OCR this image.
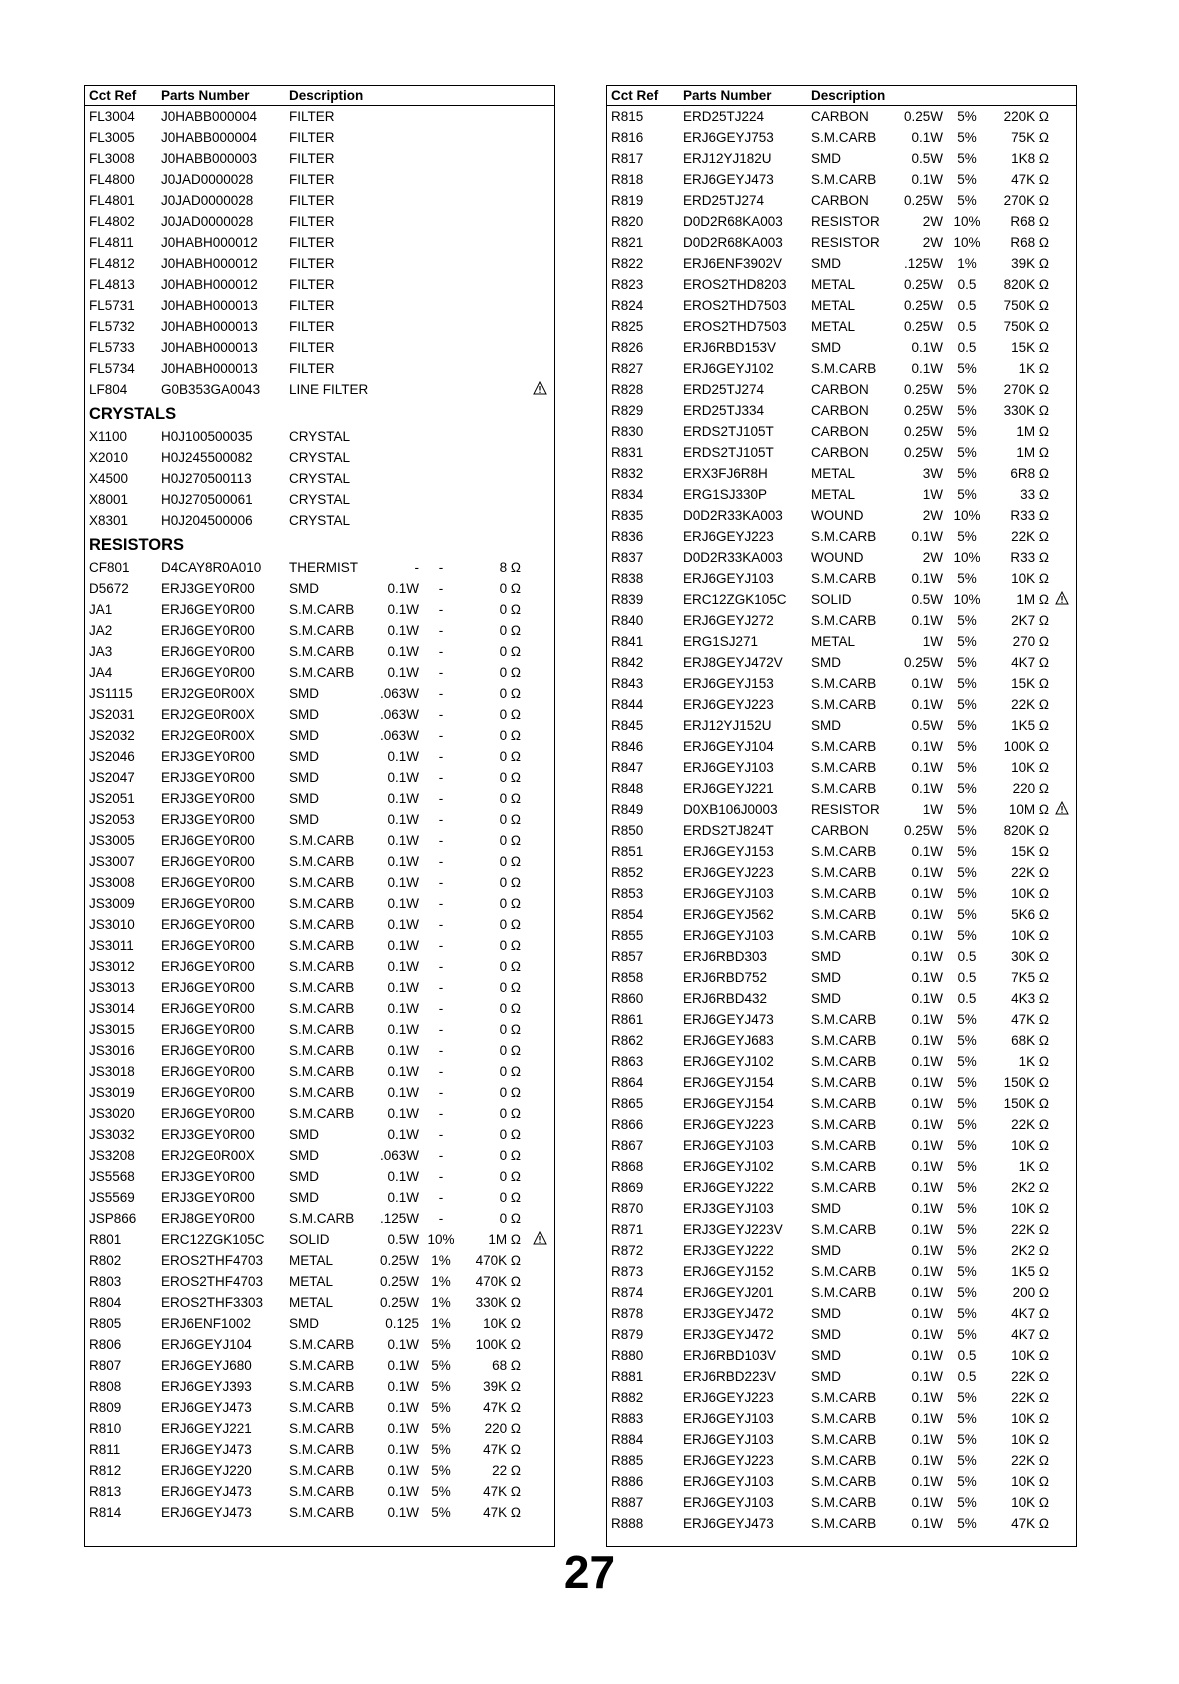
Cct Ref Parts Number	Description
FL3004 J0HABB000004 FILTER
FL3005 J0HABB000004 FILTER
FL3008 J0HABB000003 FILTER
FL4800 J0JAD0000028	FILTER
FL4801 J0JAD0000028	FILTER
FL4802 J0JAD0000028	FILTER
FL4811 J0HABH000012 FILTER
FL4812 J0HABH000012 FILTER
FL4813 J0HABH000012 FILTER
FL5731 J0HABH000013 FILTER
FL5732 J0HABH000013 FILTER
FL5733 J0HABH000013 FILTER
FL5734 J0HABH000013 FILTER
LF804 G0B353GA0043 LINE FILTER
CRYSTALS
X1100	H0J100500035	CRYSTAL
X2010 H0J245500082	CRYSTAL
X4500 H0J270500113	CRYSTAL
X8001 H0J270500061	CRYSTAL
X8301 H0J204500006	CRYSTAL
RESISTORS
CF801 D4CAY8R0A010 THERMIST	-	-	8 Ω
D5672 ERJ3GEY0R00	SMD	0.1W	-	0 Ω
JA1	ERJ6GEY0R00	S.M.CARB	0.1W	-	0 Ω
JA2	ERJ6GEY0R00	S.M.CARB	0.1W	-	0 Ω
JA3	ERJ6GEY0R00	S.M.CARB	0.1W	-	0 Ω
JA4	ERJ6GEY0R00	S.M.CARB	0.1W	-	0 Ω
JS1115 ERJ2GE0R00X	SMD	.063W	-	0 Ω
JS2031 ERJ2GE0R00X	SMD	.063W	-	0 Ω
JS2032 ERJ2GE0R00X	SMD	.063W	-	0 Ω
JS2046 ERJ3GEY0R00	SMD	0.1W	-	0 Ω
JS2047 ERJ3GEY0R00	SMD	0.1W	-	0 Ω
JS2051 ERJ3GEY0R00	SMD	0.1W	-	0 Ω
JS2053 ERJ3GEY0R00	SMD	0.1W	-	0 Ω
JS3005 ERJ6GEY0R00	S.M.CARB	0.1W	-	0 Ω
JS3007 ERJ6GEY0R00	S.M.CARB	0.1W	-	0 Ω
JS3008 ERJ6GEY0R00	S.M.CARB	0.1W	-	0 Ω
JS3009 ERJ6GEY0R00	S.M.CARB	0.1W	-	0 Ω
JS3010 ERJ6GEY0R00	S.M.CARB	0.1W	-	0 Ω
JS3011 ERJ6GEY0R00	S.M.CARB	0.1W	-	0 Ω
JS3012 ERJ6GEY0R00	S.M.CARB	0.1W	-	0 Ω
JS3013 ERJ6GEY0R00	S.M.CARB	0.1W	-	0 Ω
JS3014 ERJ6GEY0R00	S.M.CARB	0.1W	-	0 Ω
JS3015 ERJ6GEY0R00	S.M.CARB	0.1W	-	0 Ω
JS3016 ERJ6GEY0R00	S.M.CARB	0.1W	-	0 Ω
JS3018 ERJ6GEY0R00	S.M.CARB	0.1W	-	0 Ω
JS3019 ERJ6GEY0R00	S.M.CARB	0.1W	-	0 Ω
JS3020 ERJ6GEY0R00	S.M.CARB	0.1W	-	0 Ω
JS3032 ERJ3GEY0R00	SMD	0.1W	-	0 Ω
JS3208 ERJ2GE0R00X	SMD	.063W	-	0 Ω
JS5568 ERJ3GEY0R00	SMD	0.1W	-	0 Ω
JS5569 ERJ3GEY0R00	SMD	0.1W	-	0 Ω
JSP866 ERJ8GEY0R00	S.M.CARB	.125W	-	0 Ω
R801	ERC12ZGK105C SOLID	0.5W 10%	1M Ω
R802	EROS2THF4703 METAL	0.25W 1%	470K Ω
R803	EROS2THF4703 METAL	0.25W 1%	470K Ω
R804	EROS2THF3303 METAL	0.25W 1%	330K Ω
R805	ERJ6ENF1002	SMD	0.125 1%	10K Ω
R806	ERJ6GEYJ104	S.M.CARB	0.1W 5%	100K Ω
R807	ERJ6GEYJ680	S.M.CARB	0.1W 5%	68 Ω
R808	ERJ6GEYJ393	S.M.CARB	0.1W 5%	39K Ω
R809	ERJ6GEYJ473	S.M.CARB	0.1W 5%	47K Ω
R810	ERJ6GEYJ221	S.M.CARB	0.1W 5%	220 Ω
R811	ERJ6GEYJ473	S.M.CARB	0.1W 5%	47K Ω
R812	ERJ6GEYJ220	S.M.CARB	0.1W 5%	22 Ω
R813	ERJ6GEYJ473	S.M.CARB	0.1W 5%	47K Ω
R814	ERJ6GEYJ473	S.M.CARB	0.1W 5%	47K Ω
Cct Ref Parts Number	Description
R815	ERD25TJ224	CARBON	0.25W	5%	220K Ω
R816	ERJ6GEYJ753	S.M.CARB	0.1W	5%	75K Ω
R817	ERJ12YJ182U	SMD	0.5W	5%	1K8 Ω
R818	ERJ6GEYJ473	S.M.CARB	0.1W	5%	47K Ω
R819	ERD25TJ274	CARBON	0.25W	5%	270K Ω
R820	D0D2R68KA003 RESISTOR	2W 10%	R68 Ω
R821	D0D2R68KA003 RESISTOR	2W 10%	R68 Ω
R822	ERJ6ENF3902V SMD	.125W	1%	39K Ω
R823	EROS2THD8203 METAL	0.25W	0.5	820K Ω
R824	EROS2THD7503 METAL	0.25W	0.5	750K Ω
R825	EROS2THD7503 METAL	0.25W	0.5	750K Ω
R826	ERJ6RBD153V	SMD	0.1W	0.5	15K Ω
R827	ERJ6GEYJ102	S.M.CARB	0.1W	5%	1K Ω
R828	ERD25TJ274	CARBON	0.25W	5%	270K Ω
R829	ERD25TJ334	CARBON	0.25W	5%	330K Ω
R830	ERDS2TJ105T	CARBON	0.25W	5%	1M Ω
R831	ERDS2TJ105T	CARBON	0.25W	5%	1M Ω
R832	ERX3FJ6R8H	METAL	3W	5%	6R8 Ω
R834	ERG1SJ330P	METAL	1W	5%	33 Ω
R835	D0D2R33KA003 WOUND	2W 10%	R33 Ω
R836	ERJ6GEYJ223	S.M.CARB	0.1W	5%	22K Ω
R837	D0D2R33KA003 WOUND	2W 10%	R33 Ω
R838	ERJ6GEYJ103	S.M.CARB	0.1W	5%	10K Ω
R839	ERC12ZGK105C SOLID	0.5W 10%	1M Ω
R840	ERJ6GEYJ272	S.M.CARB	0.1W	5%	2K7 Ω
R841	ERG1SJ271	METAL	1W	5%	270 Ω
R842	ERJ8GEYJ472V SMD	0.25W	5%	4K7 Ω
R843	ERJ6GEYJ153	S.M.CARB	0.1W	5%	15K Ω
R844	ERJ6GEYJ223	S.M.CARB	0.1W	5%	22K Ω
R845	ERJ12YJ152U	SMD	0.5W	5%	1K5 Ω
R846	ERJ6GEYJ104	S.M.CARB	0.1W	5%	100K Ω
R847	ERJ6GEYJ103	S.M.CARB	0.1W	5%	10K Ω
R848	ERJ6GEYJ221	S.M.CARB	0.1W	5%	220 Ω
R849	D0XB106J0003 RESISTOR	1W	5%	10M Ω
R850	ERDS2TJ824T	CARBON	0.25W	5%	820K Ω
R851	ERJ6GEYJ153	S.M.CARB	0.1W	5%	15K Ω
R852	ERJ6GEYJ223	S.M.CARB	0.1W	5%	22K Ω
R853	ERJ6GEYJ103	S.M.CARB	0.1W	5%	10K Ω
R854	ERJ6GEYJ562	S.M.CARB	0.1W	5%	5K6 Ω
R855	ERJ6GEYJ103	S.M.CARB	0.1W	5%	10K Ω
R857	ERJ6RBD303	SMD	0.1W	0.5	30K Ω
R858	ERJ6RBD752	SMD	0.1W	0.5	7K5 Ω
R860	ERJ6RBD432	SMD	0.1W	0.5	4K3 Ω
R861	ERJ6GEYJ473	S.M.CARB	0.1W	5%	47K Ω
R862	ERJ6GEYJ683	S.M.CARB	0.1W	5%	68K Ω
R863	ERJ6GEYJ102	S.M.CARB	0.1W	5%	1K Ω
R864	ERJ6GEYJ154	S.M.CARB	0.1W	5%	150K Ω
R865	ERJ6GEYJ154	S.M.CARB	0.1W	5%	150K Ω
R866	ERJ6GEYJ223	S.M.CARB	0.1W	5%	22K Ω
R867	ERJ6GEYJ103	S.M.CARB	0.1W	5%	10K Ω
R868	ERJ6GEYJ102	S.M.CARB	0.1W	5%	1K Ω
R869	ERJ6GEYJ222	S.M.CARB	0.1W	5%	2K2 Ω
R870	ERJ3GEYJ103	SMD	0.1W	5%	10K Ω
R871	ERJ3GEYJ223V S.M.CARB	0.1W	5%	22K Ω
R872	ERJ3GEYJ222	SMD	0.1W	5%	2K2 Ω
R873	ERJ6GEYJ152	S.M.CARB	0.1W	5%	1K5 Ω
R874	ERJ6GEYJ201	S.M.CARB	0.1W	5%	200 Ω
R878	ERJ3GEYJ472	SMD	0.1W	5%	4K7 Ω
R879	ERJ3GEYJ472	SMD	0.1W	5%	4K7 Ω
R880	ERJ6RBD103V	SMD	0.1W	0.5	10K Ω
R881	ERJ6RBD223V	SMD	0.1W	0.5	22K Ω
R882	ERJ6GEYJ223	S.M.CARB	0.1W	5%	22K Ω
R883	ERJ6GEYJ103	S.M.CARB	0.1W	5%	10K Ω
R884	ERJ6GEYJ103	S.M.CARB	0.1W	5%	10K Ω
R885	ERJ6GEYJ223	S.M.CARB	0.1W	5%	22K Ω
R886	ERJ6GEYJ103	S.M.CARB	0.1W	5%	10K Ω
R887	ERJ6GEYJ103	S.M.CARB	0.1W	5%	10K Ω
R888	ERJ6GEYJ473	S.M.CARB	0.1W	5%	47K Ω
27
